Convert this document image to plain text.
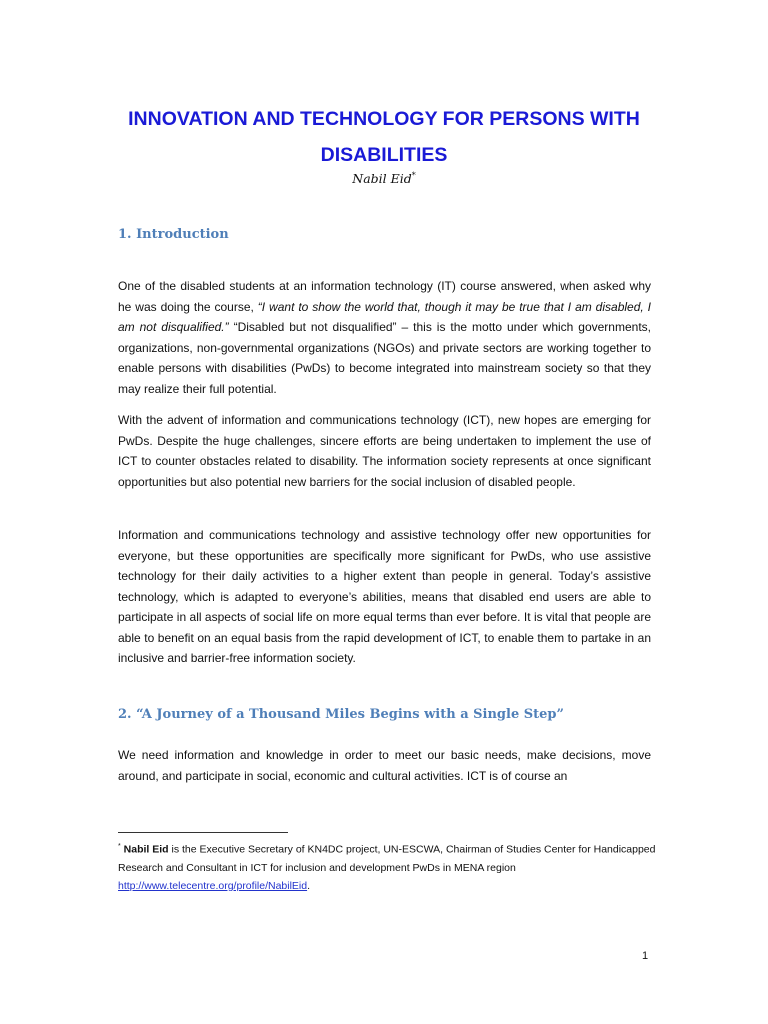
INNOVATION AND TECHNOLOGY FOR PERSONS WITH DISABILITIES
Nabil Eid*
1. Introduction

One of the disabled students at an information technology (IT) course answered, when asked why he was doing the course, “I want to show the world that, though it may be true that I am disabled, I am not disqualified.” “Disabled but not disqualified” – this is the motto under which governments, organizations, non-governmental organizations (NGOs) and private sectors are working together to enable persons with disabilities (PwDs) to become integrated into mainstream society so that they may realize their full potential.

With the advent of information and communications technology (ICT), new hopes are emerging for PwDs. Despite the huge challenges, sincere efforts are being undertaken to implement the use of ICT to counter obstacles related to disability. The information society represents at once significant opportunities but also potential new barriers for the social inclusion of disabled people.

Information and communications technology and assistive technology offer new opportunities for everyone, but these opportunities are specifically more significant for PwDs, who use assistive technology for their daily activities to a higher extent than people in general. Today’s assistive technology, which is adapted to everyone’s abilities, means that disabled end users are able to participate in all aspects of social life on more equal terms than ever before. It is vital that people are able to benefit on an equal basis from the rapid development of ICT, to enable them to partake in an inclusive and barrier-free information society.

2. “A Journey of a Thousand Miles Begins with a Single Step”

We need information and knowledge in order to meet our basic needs, make decisions, move around, and participate in social, economic and cultural activities. ICT is of course an

* Nabil Eid is the Executive Secretary of KN4DC project, UN-ESCWA, Chairman of Studies Center for Handicapped Research and Consultant in ICT for inclusion and development PwDs in MENA region
http://www.telecentre.org/profile/NabilEid.

1
